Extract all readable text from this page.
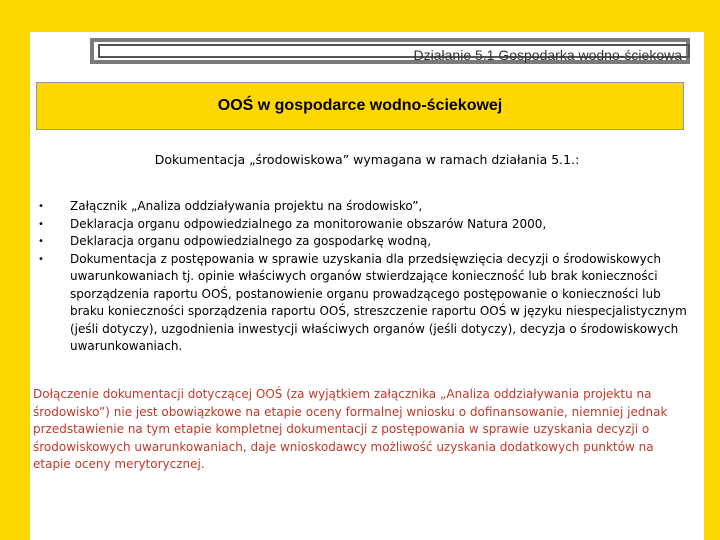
Działanie 5.1 Gospodarka wodno-ściekowa
OOŚ w gospodarce wodno-ściekowej
Dokumentacja „środowiskowa” wymagana w ramach działania 5.1.:
• Załącznik „Analiza oddziaływania projektu na środowisko”,
• Deklaracja organu odpowiedzialnego za monitorowanie obszarów Natura 2000,
• Deklaracja organu odpowiedzialnego za gospodarkę wodną,
• Dokumentacja z postępowania w sprawie uzyskania dla przedsięwzięcia decyzji o środowiskowych uwarunkowaniach tj. opinie właściwych organów stwierdzające konieczność lub brak konieczności sporządzenia raportu OOŚ, postanowienie organu prowadzącego postępowanie o konieczności lub braku konieczności sporządzenia raportu OOŚ, streszczenie raportu OOŚ w języku niespecjalistycznym (jeśli dotyczy), uzgodnienia inwestycji właściwych organów (jeśli dotyczy), decyzja o środowiskowych uwarunkowaniach.
Dołączenie dokumentacji dotyczącej OOŚ (za wyjątkiem załącznika „Analiza oddziaływania projektu na środowisko”) nie jest obowiązkowe na etapie oceny formalnej wniosku o dofinansowanie, niemniej jednak przedstawienie na tym etapie kompletnej dokumentacji z postępowania w sprawie uzyskania decyzji o środowiskowych uwarunkowaniach, daje wnioskodawcy możliwość uzyskania dodatkowych punktów na etapie oceny merytorycznej.
